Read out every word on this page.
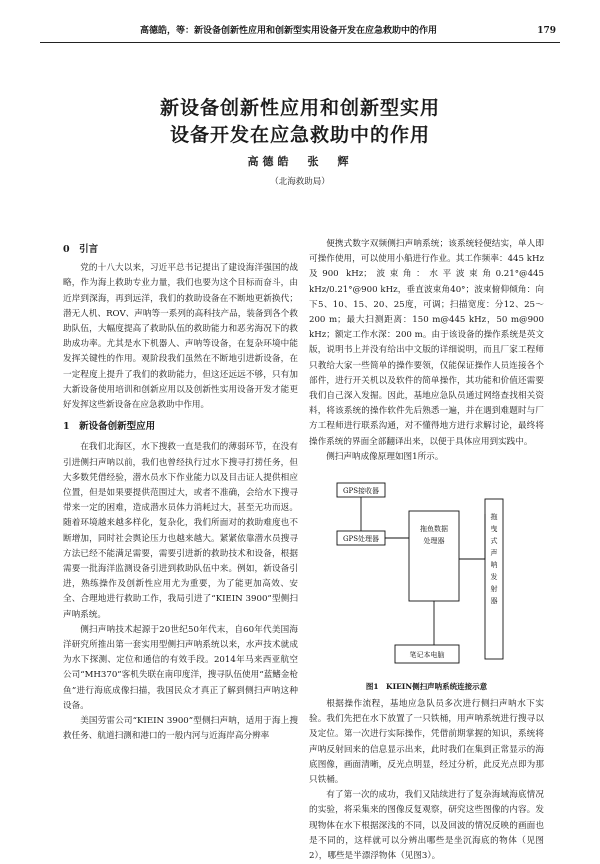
高德皓，等：新设备创新性应用和创新型实用设备开发在应急救助中的作用	179
新设备创新性应用和创新型实用
设备开发在应急救助中的作用
高德皓　张　辉
（北海救助局）

0　引言

党的十八大以来，习近平总书记提出了建设海洋强国的战略，作为海上救助专业力量，我们也要为这个目标而奋斗，由近岸到深海，再到远洋，我们的救助设备在不断地更新换代；潜无人机、ROV、声呐等一系列的高科技产品，装备到各个救助队伍，大幅度提高了救助队伍的救助能力和恶劣海况下的救助成功率。尤其是水下机器人、声呐等设备，在复杂环境中能发挥关键性的作用。观阶段我们虽然在不断地引进新设备，在一定程度上提升了我们的救助能力，但这还远远不够，只有加大新设备使用培训和创新应用以及创新性实用设备开发才能更好发挥这些新设备在应急救助中作用。

1　新设备创新型应用

在我们北海区，水下搜救一直是我们的薄弱环节，在没有引进侧扫声呐以前，我们也曾经执行过水下搜寻打捞任务，但大多数凭借经验，潜水员水下作业能力以及目击证人提供相应位置，但是如果要提供范围过大，或者不准确，会给水下搜寻带来一定的困难，造成潜水员体力消耗过大，甚至无功而返。随着环境越来越多样化，复杂化，我们所面对的救助难度也不断增加，同时社会舆论压力也越来越大。紧紧依靠潜水员搜寻方法已经不能满足需要，需要引进新的救助技术和设备，根据需要一批海洋监测设备引进到救助队伍中来。例如，新设备引进，熟练操作及创新性应用尤为重要，为了能更加高效、安全、合理地进行救助工作，我局引进了“KIEIN 3900”型侧扫声呐系统。

侧扫声呐技术起源于20世纪50年代末，自60年代美国海洋研究所推出第一套实用型侧扫声呐系统以来，水声技术就成为水下探测、定位和通信的有效手段。2014年马来西亚航空公司“MH370”客机失联在南印度洋，搜寻队伍使用“蓝鳍金枪鱼”进行海底成像扫描，我国民众才真正了解到侧扫声呐这种设备。

美国劳雷公司“KIEIN 3900”型侧扫声呐，适用于海上搜救任务、航道扫测和港口的一般内河与近海岸高分辨率

便携式数字双频侧扫声呐系统；该系统轻便结实，单人即可操作使用，可以使用小船进行作业。其工作频率：445 kHz及900 kHz；波束角：水平波束角0.21°@445 kHz/0.21°@900 kHz，垂直波束角40°；波束俯仰倾角：向下5、10、15、20、25度，可调；扫描宽度：分12、25～200 m；最大扫测距离：150 m@445 kHz，50 m@900 kHz；额定工作水深：200 m。由于该设备的操作系统是英文版，说明书上并没有给出中文版的详细说明，而且厂家工程师只教给大家一些简单的操作要领，仅能保证操作人员连接各个部件，进行开关机以及软件的简单操作，其功能和价值还需要我们自己深入发掘。因此，基地应急队员通过网络查找相关资料，将该系统的操作软件先后熟悉一遍，并在遇到难题时与厂方工程师进行联系沟通，对不懂得地方进行求解讨论，最终将操作系统的界面全部翻译出来，以便于具体应用到实践中。

侧扫声呐成像原理如图1所示。

GPS接收器
GPS处理器
拖鱼数据
处理器
拖
曳
式
声
呐
发
射
器
笔记本电脑
图1　KIEIN侧扫声呐系统连接示意

根据操作流程，基地应急队员多次进行侧扫声呐水下实验。我们先把在水下放置了一只铁桶，用声呐系统进行搜寻以及定位。第一次进行实际操作，凭借前期掌握的知识，系统将声呐反射回来的信息显示出来，此时我们在集到正常显示的海底图像，画面清晰，反光点明显，经过分析，此反光点即为那只铁桶。

有了第一次的成功，我们又陆续进行了复杂海域海底情况的实验，将采集来的图像反复观察，研究这些图像的内容。发现物体在水下根据深浅的不同，以及回波的情况反映的画面也是不同的，这样就可以分辨出哪些是坐沉海底的物体（见图2），哪些是半漂浮物体（见图3）。
